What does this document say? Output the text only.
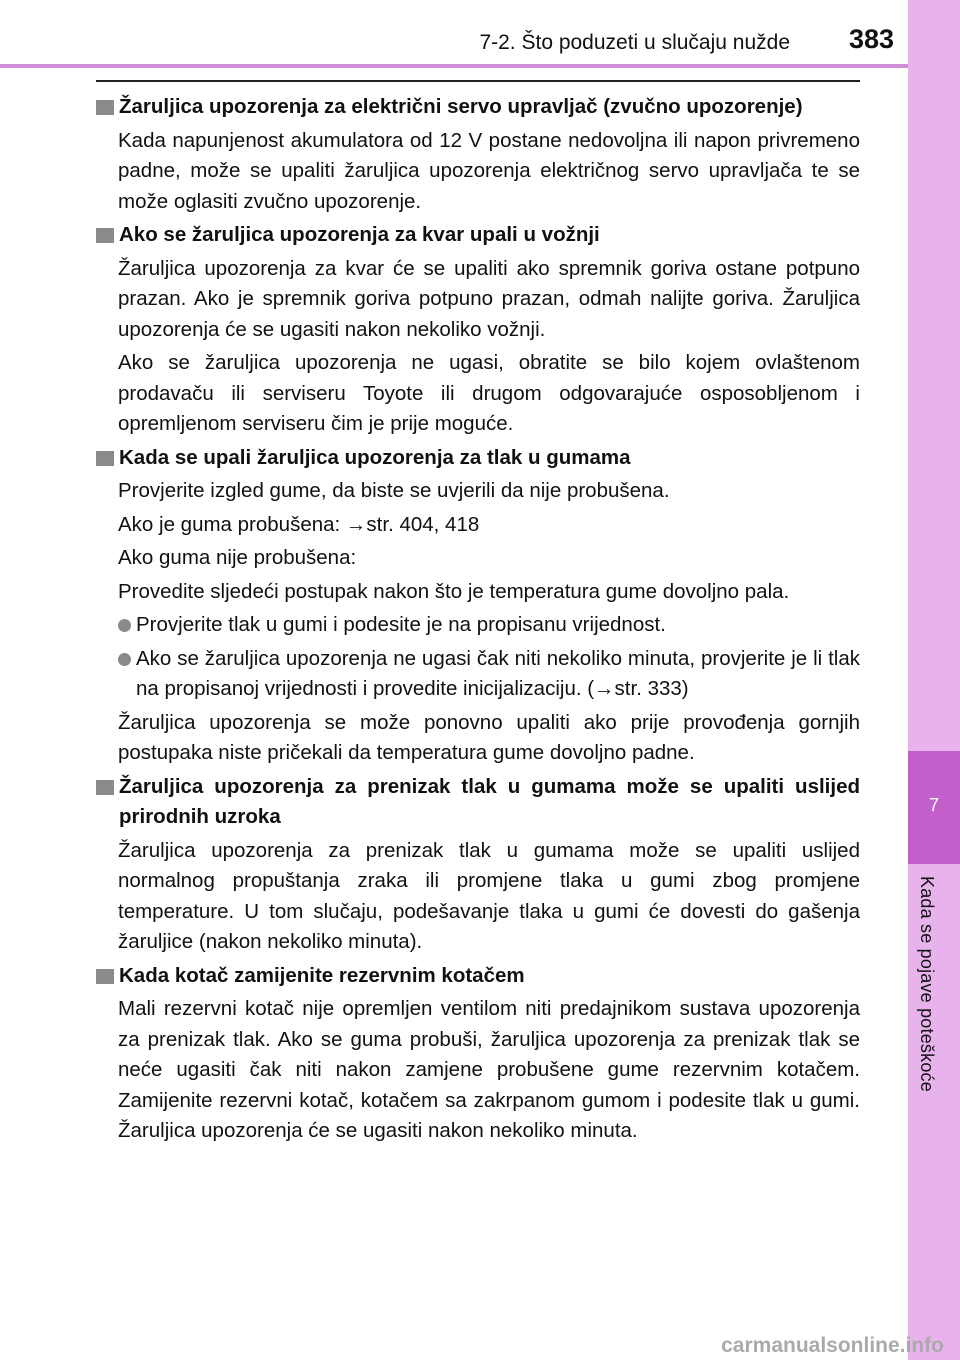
7-2. Što poduzeti u slučaju nužde 383
7
Kada se pojave poteškoće
Žaruljica upozorenja za električni servo upravljač (zvučno upozorenje)

Kada napunjenost akumulatora od 12 V postane nedovoljna ili napon privremeno padne, može se upaliti žaruljica upozorenja električnog servo upravljača te se može oglasiti zvučno upozorenje.

Ako se žaruljica upozorenja za kvar upali u vožnji

Žaruljica upozorenja za kvar će se upaliti ako spremnik goriva ostane potpuno prazan. Ako je spremnik goriva potpuno prazan, odmah nalijte goriva. Žaruljica upozorenja će se ugasiti nakon nekoliko vožnji.

Ako se žaruljica upozorenja ne ugasi, obratite se bilo kojem ovlaštenom prodavaču ili serviseru Toyote ili drugom odgovarajuće osposobljenom i opremljenom serviseru čim je prije moguće.

Kada se upali žaruljica upozorenja za tlak u gumama

Provjerite izgled gume, da biste se uvjerili da nije probušena.

Ako je guma probušena: →str. 404, 418

Ako guma nije probušena:

Provedite sljedeći postupak nakon što je temperatura gume dovoljno pala.

Provjerite tlak u gumi i podesite je na propisanu vrijednost.
Ako se žaruljica upozorenja ne ugasi čak niti nekoliko minuta, provjerite je li tlak na propisanoj vrijednosti i provedite inicijalizaciju. (→str. 333)

Žaruljica upozorenja se može ponovno upaliti ako prije provođenja gornjih postupaka niste pričekali da temperatura gume dovoljno padne.

Žaruljica upozorenja za prenizak tlak u gumama može se upaliti uslijed prirodnih uzroka

Žaruljica upozorenja za prenizak tlak u gumama može se upaliti uslijed normalnog propuštanja zraka ili promjene tlaka u gumi zbog promjene temperature. U tom slučaju, podešavanje tlaka u gumi će dovesti do gašenja žaruljice (nakon nekoliko minuta).

Kada kotač zamijenite rezervnim kotačem

Mali rezervni kotač nije opremljen ventilom niti predajnikom sustava upozorenja za prenizak tlak. Ako se guma probuši, žaruljica upozorenja za prenizak tlak se neće ugasiti čak niti nakon zamjene probušene gume rezervnim kotačem. Zamijenite rezervni kotač, kotačem sa zakrpanom gumom i podesite tlak u gumi. Žaruljica upozorenja će se ugasiti nakon nekoliko minuta.

carmanualsonline.info
